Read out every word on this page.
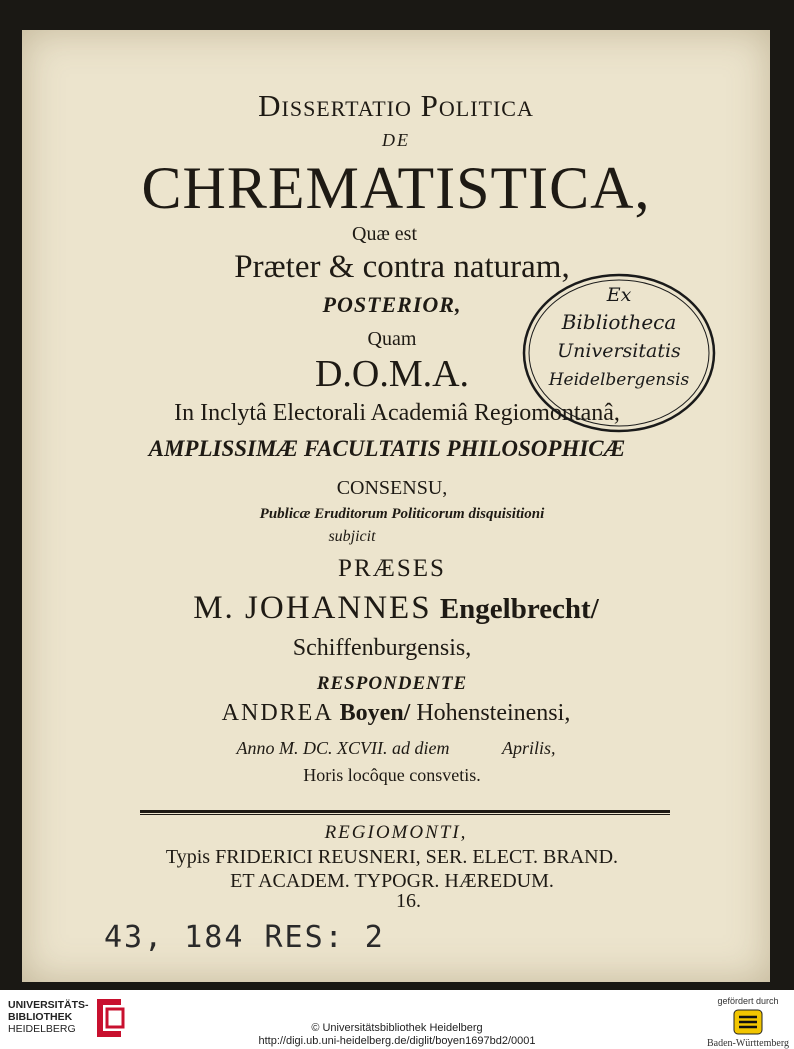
Dissertatio Politica
DE
CHREMATISTICA,
Quæ est
Præter & contra naturam,
POSTERIOR,
Quam
D.O.M.A.
In Inclytâ Electorali Academiâ Regiomontanâ,
AMPLISSIMÆ FACULTATIS PHILOSOPHICÆ
CONSENSU,
Publicæ Eruditorum Politicorum disquisitioni
subjicit
PRÆSES
M. JOHANNES Engelbrecht/
Schiffenburgensis,
RESPONDENTE
ANDREA Boyen/ Hohensteinensi,
Anno M. DC. XCVII. ad diem	Aprilis,
Horis locôque consvetis.
REGIOMONTI,
Typis FRIDERICI REUSNERI, SER. ELECT. BRAND.
ET ACADEM. TYPOGR. HÆREDUM.
16.
43, 184 RES: 2
Ex
Bibliotheca
Universitatis
Heidelbergensis
UNIVERSITÄTS-
BIBLIOTHEK
HEIDELBERG	© Universitätsbibliothek Heidelberg
http://digi.ub.uni-heidelberg.de/diglit/boyen1697bd2/0001
gefördert durch
Baden-Württemberg
